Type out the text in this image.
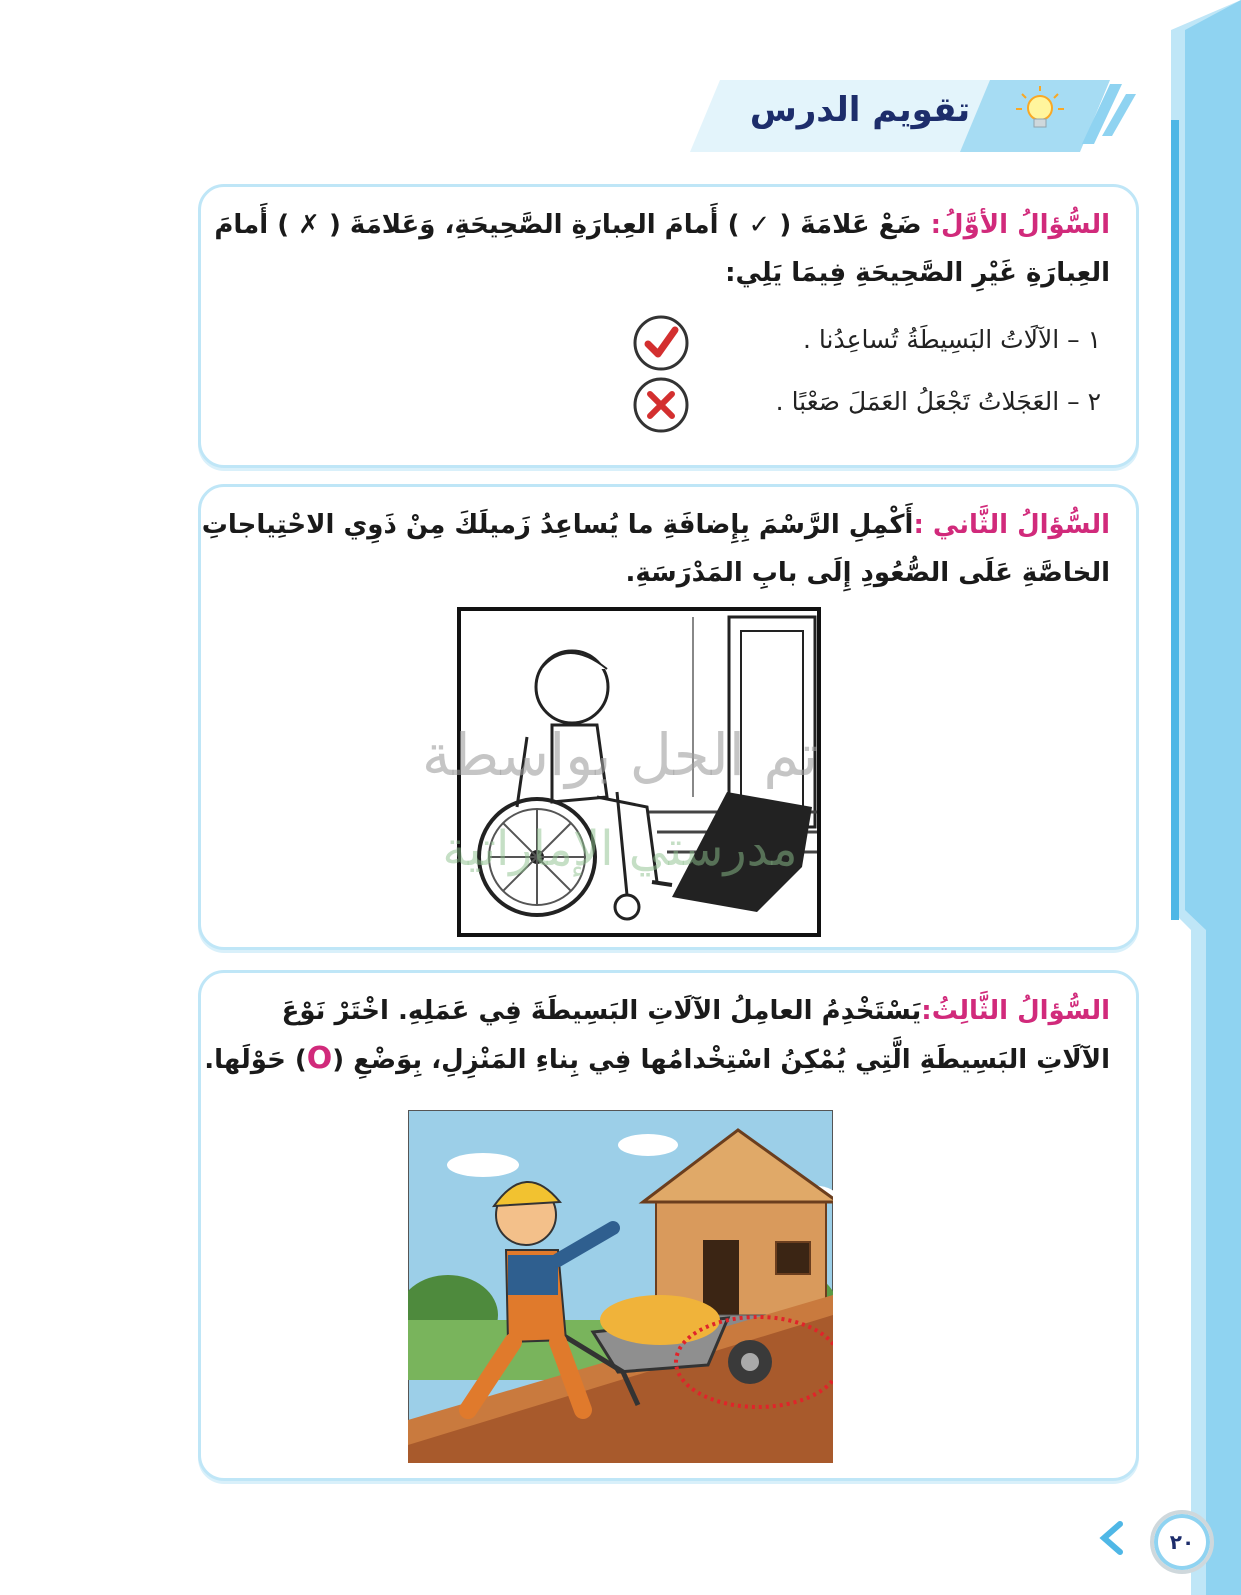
تقويم الدرس
السُّؤالُ الأوَّلُ: ضَعْ عَلامَةَ ( ✓ ) أَمامَ العِبارَةِ الصَّحِيحَةِ، وَعَلامَةَ ( ✗ ) أَمامَ العِبارَةِ غَيْرِ الصَّحِيحَةِ فِيمَا يَلِي:
١ – الآلَاتُ البَسِيطَةُ تُساعِدُنا .
٢ – العَجَلاتُ تَجْعَلُ العَمَلَ صَعْبًا .
السُّؤالُ الثَّاني :أَكْمِلِ الرَّسْمَ بِإِضافَةِ ما يُساعِدُ زَميلَكَ مِنْ ذَوِي الاحْتِياجاتِ الخاصَّةِ عَلَى الصُّعُودِ إِلَى بابِ المَدْرَسَةِ.
السُّؤالُ الثَّالِثُ:يَسْتَخْدِمُ العامِلُ الآلَاتِ البَسِيطَةَ فِي عَمَلِهِ. اخْتَرْ نَوْعَ الآلَاتِ البَسِيطَةِ الَّتِي يُمْكِنُ اسْتِخْدامُها فِي بِناءِ المَنْزِلِ، بِوَضْعِ (O) حَوْلَها.
تم الحل بواسطة
مدرستي الإماراتية
٢٠
